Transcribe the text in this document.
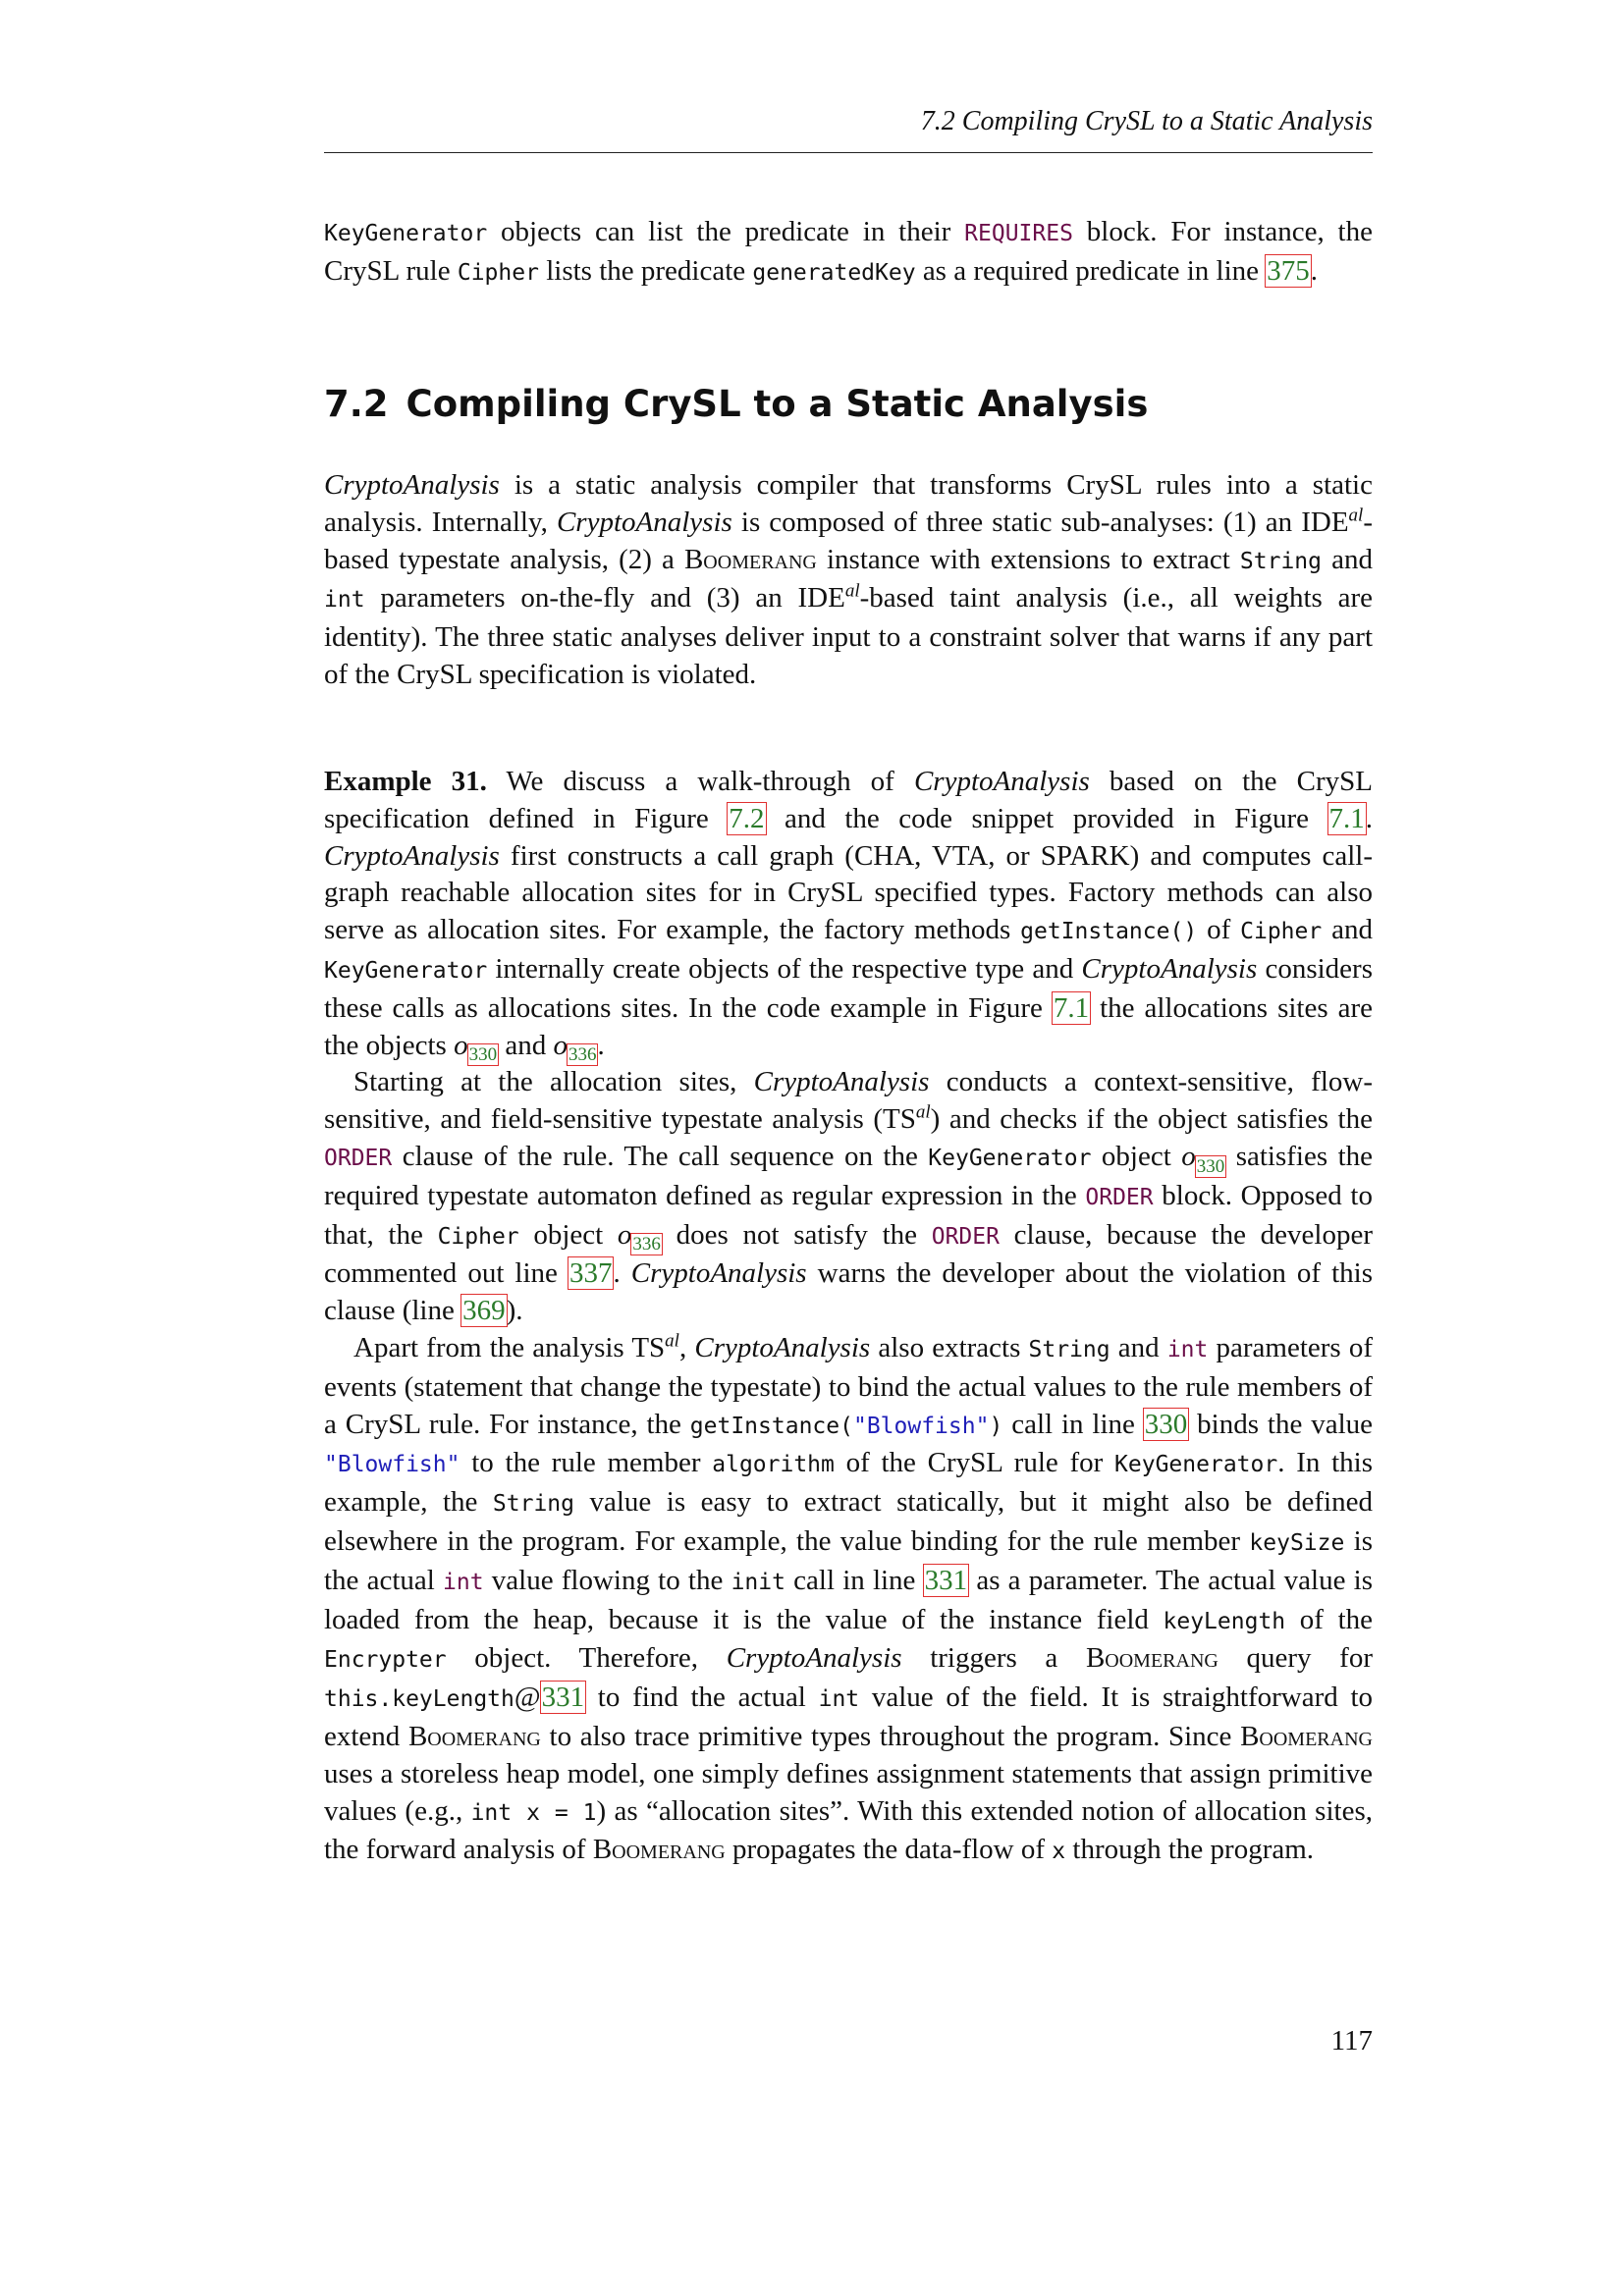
7.2 Compiling CrySL to a Static Analysis

KeyGenerator objects can list the predicate in their REQUIRES block. For instance, the CrySL rule Cipher lists the predicate generatedKey as a required predicate in line 375.

7.2 Compiling CrySL to a Static Analysis

CryptoAnalysis is a static analysis compiler that transforms CrySL rules into a static analysis. Internally, CryptoAnalysis is composed of three static sub-analyses: (1) an $IDE^{al}$-based typestate analysis, (2) a Boomerang instance with extensions to extract String and int parameters on-the-fly and (3) an $IDE^{al}$-based taint analysis (i.e., all weights are identity). The three static analyses deliver input to a constraint solver that warns if any part of the CrySL specification is violated.

Example 31. We discuss a walk-through of CryptoAnalysis based on the CrySL specification defined in Figure 7.2 and the code snippet provided in Figure 7.1. CryptoAnalysis first constructs a call graph (CHA, VTA, or SPARK) and computes call-graph reachable allocation sites for in CrySL specified types. Factory methods can also serve as allocation sites. For example, the factory methods getInstance() of Cipher and KeyGenerator internally create objects of the respective type and CryptoAnalysis considers these calls as allocations sites. In the code example in Figure 7.1 the allocations sites are the objects $o_{330}$ and $o_{336}$.

Starting at the allocation sites, CryptoAnalysis conducts a context-sensitive, flow-sensitive, and field-sensitive typestate analysis $(TS^{al})$ and checks if the object satisfies the ORDER clause of the rule. The call sequence on the KeyGenerator object $o_{330}$ satisfies the required typestate automaton defined as regular expression in the ORDER block. Opposed to that, the Cipher object $o_{336}$ does not satisfy the ORDER clause, because the developer commented out line 337. CryptoAnalysis warns the developer about the violation of this clause (line 369).

Apart from the analysis $TS^{al}$, CryptoAnalysis also extracts String and int parameters of events (statement that change the typestate) to bind the actual values to the rule members of a CrySL rule. For instance, the getInstance("Blowfish") call in line 330 binds the value "Blowfish" to the rule member algorithm of the CrySL rule for KeyGenerator. In this example, the String value is easy to extract statically, but it might also be defined elsewhere in the program. For example, the value binding for the rule member keySize is the actual int value flowing to the init call in line 331 as a parameter. The actual value is loaded from the heap, because it is the value of the instance field keyLength of the Encrypter object. Therefore, CryptoAnalysis triggers a Boomerang query for this.keyLength@331 to find the actual int value of the field. It is straightforward to extend Boomerang to also trace primitive types throughout the program. Since Boomerang uses a storeless heap model, one simply defines assignment statements that assign primitive values (e.g., int x = 1) as “allocation sites”. With this extended notion of allocation sites, the forward analysis of Boomerang propagates the data-flow of x through the program.

117
